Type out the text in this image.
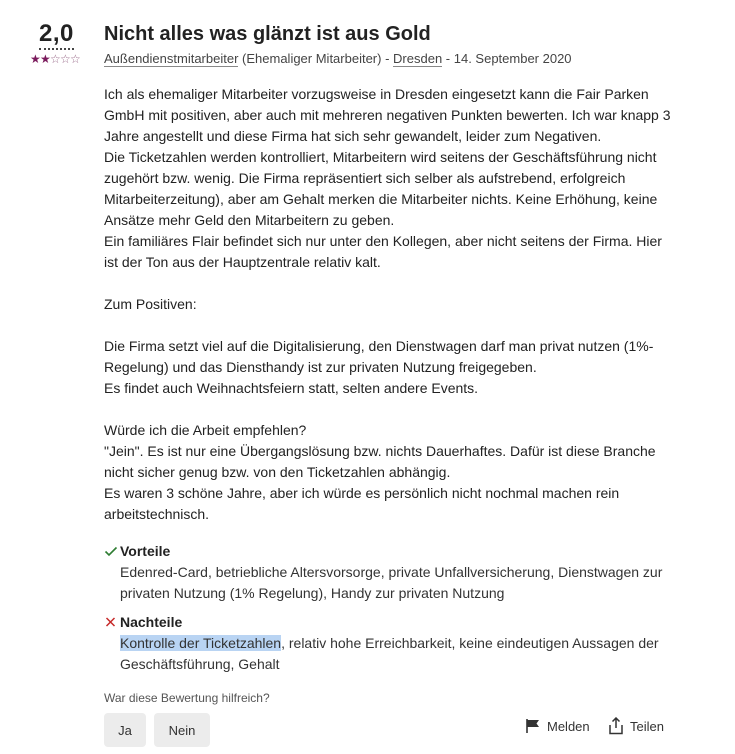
2,0
★★☆☆☆
Nicht alles was glänzt ist aus Gold
Außendienstmitarbeiter (Ehemaliger Mitarbeiter) - Dresden - 14. September 2020

Ich als ehemaliger Mitarbeiter vorzugsweise in Dresden eingesetzt kann die Fair Parken GmbH mit positiven, aber auch mit mehreren negativen Punkten bewerten. Ich war knapp 3 Jahre angestellt und diese Firma hat sich sehr gewandelt, leider zum Negativen.

Die Ticketzahlen werden kontrolliert, Mitarbeitern wird seitens der Geschäftsführung nicht zugehört bzw. wenig. Die Firma repräsentiert sich selber als aufstrebend, erfolgreich Mitarbeiterzeitung), aber am Gehalt merken die Mitarbeiter nichts. Keine Erhöhung, keine Ansätze mehr Geld den Mitarbeitern zu geben.

Ein familiäres Flair befindet sich nur unter den Kollegen, aber nicht seitens der Firma. Hier ist der Ton aus der Hauptzentrale relativ kalt.

Zum Positiven:

Die Firma setzt viel auf die Digitalisierung, den Dienstwagen darf man privat nutzen (1%-Regelung) und das Diensthandy ist zur privaten Nutzung freigegeben.

Es findet auch Weihnachtsfeiern statt, selten andere Events.

Würde ich die Arbeit empfehlen?

"Jein". Es ist nur eine Übergangslösung bzw. nichts Dauerhaftes. Dafür ist diese Branche nicht sicher genug bzw. von den Ticketzahlen abhängig.

Es waren 3 schöne Jahre, aber ich würde es persönlich nicht nochmal machen rein arbeitstechnisch.

Vorteile
Edenred-Card, betriebliche Altersvorsorge, private Unfallversicherung, Dienstwagen zur privaten Nutzung (1% Regelung), Handy zur privaten Nutzung
Nachteile
Kontrolle der Ticketzahlen, relativ hohe Erreichbarkeit, keine eindeutigen Aussagen der Geschäftsführung, Gehalt
War diese Bewertung hilfreich?
Ja	Nein	Melden	Teilen
